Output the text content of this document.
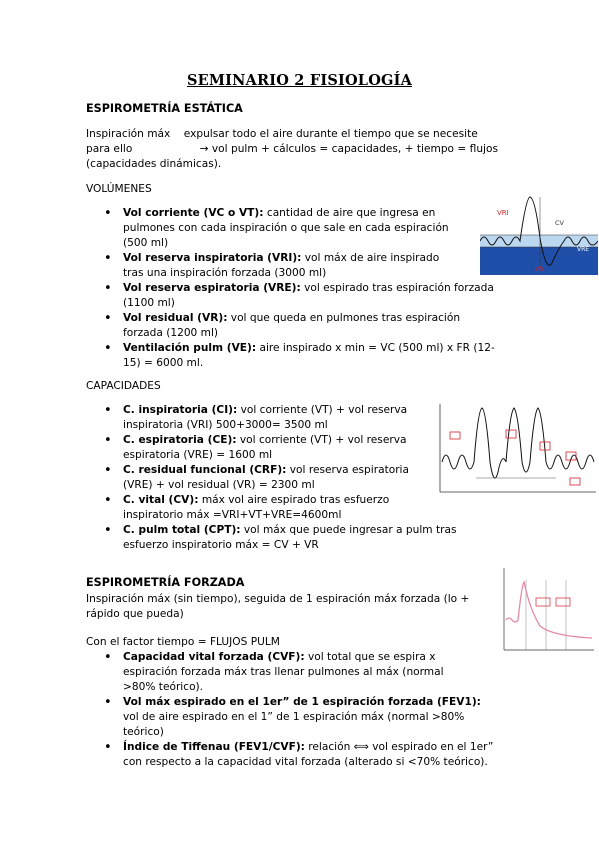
SEMINARIO 2 FISIOLOGÍA
ESPIROMETRÍA ESTÁTICA
Inspiración máx    expulsar todo el aire durante el tiempo que se necesite
para ello                    → vol pulm + cálculos = capacidades, + tiempo = flujos
(capacidades dinámicas).
VOLÚMENES
• Vol corriente (VC o VT): cantidad de aire que ingresa en
pulmones con cada inspiración o que sale en cada espiración
(500 ml)
• Vol reserva inspiratoria (VRI): vol máx de aire inspirado
tras una inspiración forzada (3000 ml)
• Vol reserva espiratoria (VRE): vol espirado tras espiración forzada
(1100 ml)
• Vol residual (VR): vol que queda en pulmones tras espiración
forzada (1200 ml)
• Ventilación pulm (VE): aire inspirado x min = VC (500 ml) x FR (12-
15) = 6000 ml.
CAPACIDADES
• C. inspiratoria (CI): vol corriente (VT) + vol reserva
inspiratoria (VRI) 500+3000= 3500 ml
• C. espiratoria (CE): vol corriente (VT) + vol reserva
espiratoria (VRE) = 1600 ml
• C. residual funcional (CRF): vol reserva espiratoria
(VRE) + vol residual (VR) = 2300 ml
• C. vital (CV): máx vol aire espirado tras esfuerzo
inspiratorio máx =VRI+VT+VRE=4600ml
• C. pulm total (CPT): vol máx que puede ingresar a pulm tras
esfuerzo inspiratorio máx = CV + VR
ESPIROMETRÍA FORZADA
Inspiración máx (sin tiempo), seguida de 1 espiración máx forzada (lo +
rápido que pueda)
Con el factor tiempo = FLUJOS PULM
• Capacidad vital forzada (CVF): vol total que se espira x
espiración forzada máx tras llenar pulmones al máx (normal
>80% teórico).
• Vol máx espirado en el 1er” de 1 espiración forzada (FEV1):
vol de aire espirado en el 1” de 1 espiración máx (normal >80%
teórico)
• Índice de Tiffenau (FEV1/CVF): relación ⟺ vol espirado en el 1er”
con respecto a la capacidad vital forzada (alterado si <70% teórico).
VRI
CV
VRE
VR
